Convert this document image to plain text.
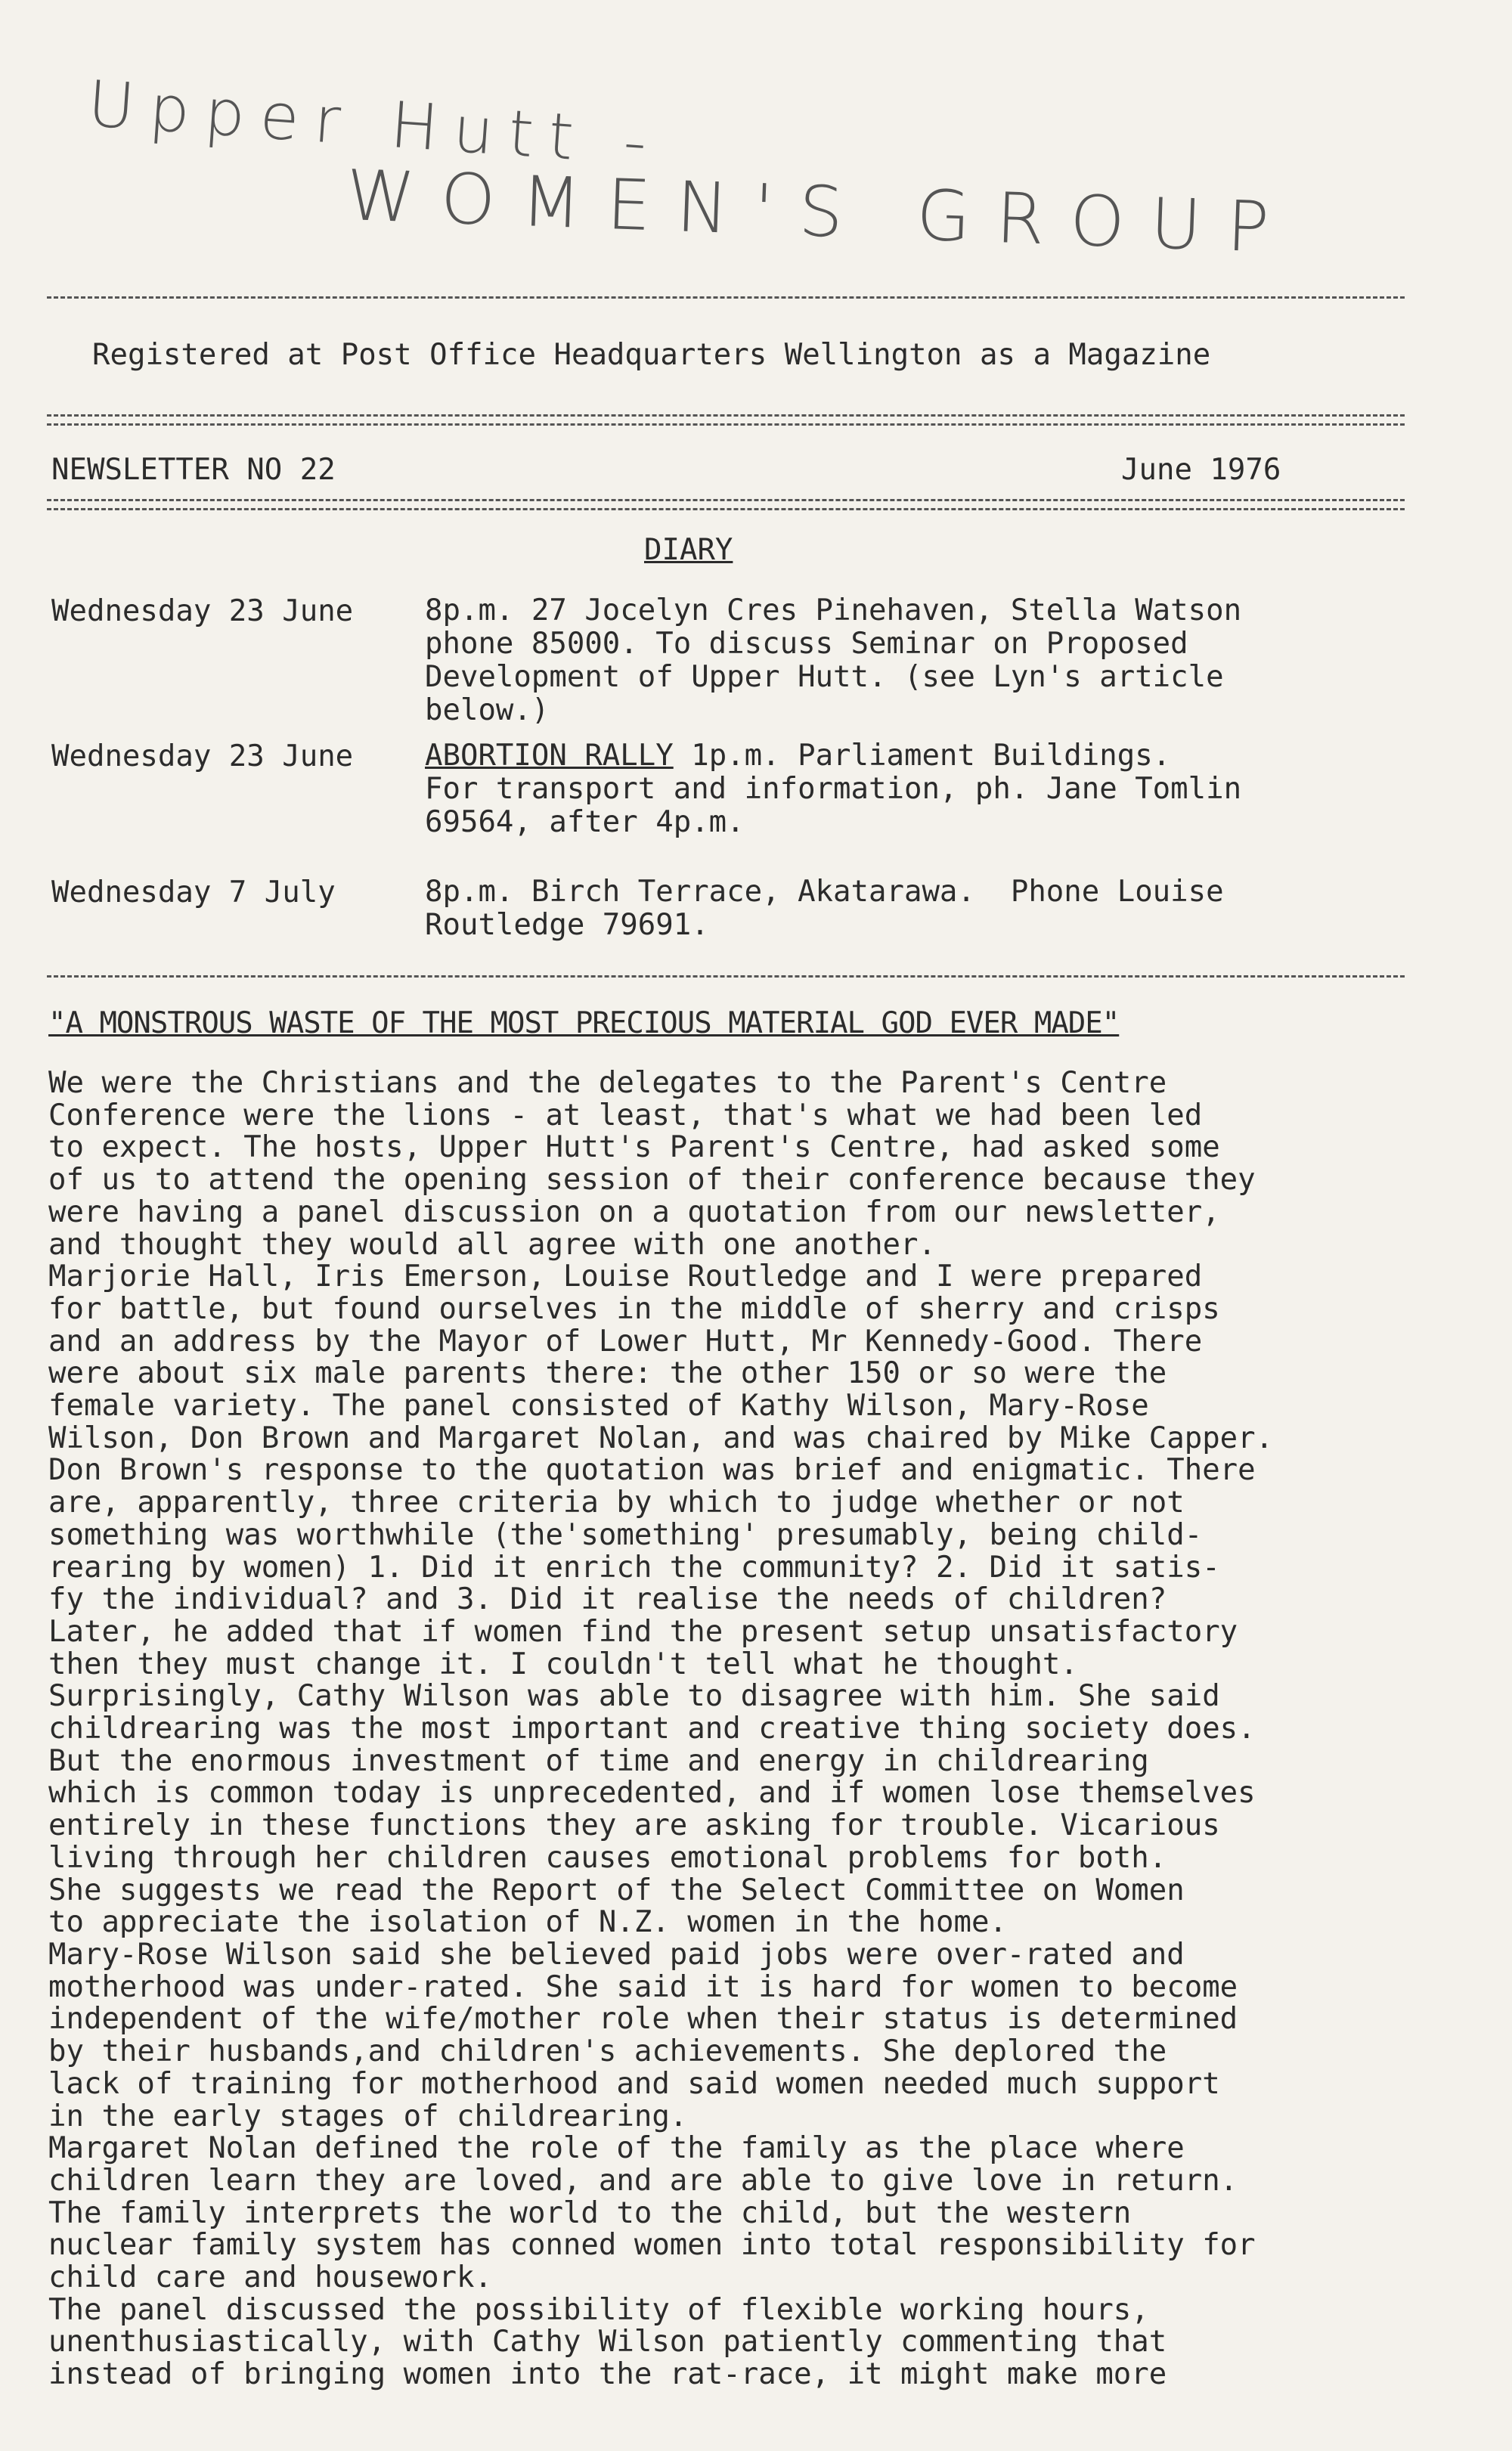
Upper Hutt -
WOMEN'S GROUP
Registered at Post Office Headquarters Wellington as a Magazine
NEWSLETTER NO 22	June 1976
DIARY
Wednesday 23 June 8p.m. 27 Jocelyn Cres Pinehaven, Stella Watson
phone 85000. To discuss Seminar on Proposed
Development of Upper Hutt. (see Lyn's article
below.)
Wednesday 23 June ABORTION RALLY 1p.m. Parliament Buildings.
For transport and information, ph. Jane Tomlin
69564, after 4p.m.
Wednesday 7 July	8p.m. Birch Terrace, Akatarawa.  Phone Louise
Routledge 79691.
"A MONSTROUS WASTE OF THE MOST PRECIOUS MATERIAL GOD EVER MADE"
We were the Christians and the delegates to the Parent's Centre
Conference were the lions - at least, that's what we had been led
to expect. The hosts, Upper Hutt's Parent's Centre, had asked some
of us to attend the opening session of their conference because they
were having a panel discussion on a quotation from our newsletter,
and thought they would all agree with one another.
Marjorie Hall, Iris Emerson, Louise Routledge and I were prepared
for battle, but found ourselves in the middle of sherry and crisps
and an address by the Mayor of Lower Hutt, Mr Kennedy-Good. There
were about six male parents there: the other 150 or so were the
female variety. The panel consisted of Kathy Wilson, Mary-Rose
Wilson, Don Brown and Margaret Nolan, and was chaired by Mike Capper.
Don Brown's response to the quotation was brief and enigmatic. There
are, apparently, three criteria by which to judge whether or not
something was worthwhile (the'something' presumably, being child-
rearing by women) 1. Did it enrich the community? 2. Did it satis-
fy the individual? and 3. Did it realise the needs of children?
Later, he added that if women find the present setup unsatisfactory
then they must change it. I couldn't tell what he thought.
Surprisingly, Cathy Wilson was able to disagree with him. She said
childrearing was the most important and creative thing society does.
But the enormous investment of time and energy in childrearing
which is common today is unprecedented, and if women lose themselves
entirely in these functions they are asking for trouble. Vicarious
living through her children causes emotional problems for both.
She suggests we read the Report of the Select Committee on Women
to appreciate the isolation of N.Z. women in the home.
Mary-Rose Wilson said she believed paid jobs were over-rated and
motherhood was under-rated. She said it is hard for women to become
independent of the wife/mother role when their status is determined
by their husbands,and children's achievements. She deplored the
lack of training for motherhood and said women needed much support
in the early stages of childrearing.
Margaret Nolan defined the role of the family as the place where
children learn they are loved, and are able to give love in return.
The family interprets the world to the child, but the western
nuclear family system has conned women into total responsibility for
child care and housework.
The panel discussed the possibility of flexible working hours,
unenthusiastically, with Cathy Wilson patiently commenting that
instead of bringing women into the rat-race, it might make more
